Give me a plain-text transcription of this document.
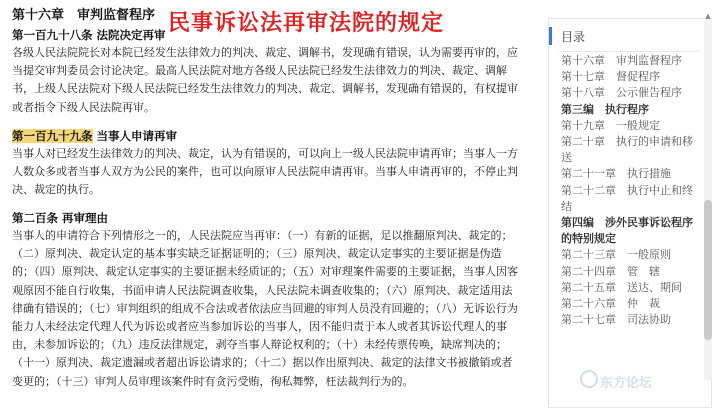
第十六章　审判监督程序 民事诉讼法再审法院的规定
第一百九十八条 法院决定再审
各级人民法院院长对本院已经发生法律效力的判决、裁定、调解书，发现确有错误，认为需要再审的，应当提交审判委员会讨论决定。最高人民法院对地方各级人民法院已经发生法律效力的判决、裁定、调解书，上级人民法院对下级人民法院已经发生法律效力的判决、裁定、调解书，发现确有错误的，有权提审或者指令下级人民法院再审。
第一百九十九条 当事人申请再审
当事人对已经发生法律效力的判决、裁定，认为有错误的，可以向上一级人民法院申请再审；当事人一方人数众多或者当事人双方为公民的案件，也可以向原审人民法院申请再审。当事人申请再审的，不停止判决、裁定的执行。
第二百条 再审理由
当事人的申请符合下列情形之一的，人民法院应当再审：（一）有新的证据，足以推翻原判决、裁定的；（二）原判决、裁定认定的基本事实缺乏证据证明的；（三）原判决、裁定认定事实的主要证据是伪造的；（四）原判决、裁定认定事实的主要证据未经质证的；（五）对审理案件需要的主要证据，当事人因客观原因不能自行收集，书面申请人民法院调查收集，人民法院未调查收集的；（六）原判决、裁定适用法律确有错误的；（七）审判组织的组成不合法或者依法应当回避的审判人员没有回避的；（八）无诉讼行为能力人未经法定代理人代为诉讼或者应当参加诉讼的当事人，因不能归责于本人或者其诉讼代理人的事由，未参加诉讼的；（九）违反法律规定，剥夺当事人辩论权利的；（十）未经传票传唤，缺席判决的；（十一）原判决、裁定遗漏或者超出诉讼请求的；（十二）据以作出原判决、裁定的法律文书被撤销或者变更的；（十三）审判人员审理该案件时有贪污受贿，徇私舞弊，枉法裁判行为的。
目录
第十六章　审判监督程序
第十七章　督促程序
第十八章　公示催告程序
第三编　执行程序
第十九章　一般规定
第二十章　执行的申请和移送
第二十一章　执行措施
第二十二章　执行中止和终结
第四编　涉外民事诉讼程序的特别规定
第二十三章　一般原则
第二十四章　管　辖
第二十五章　送达、期间
第二十六章　仲　裁
第二十七章　司法协助
▲
东方论坛
